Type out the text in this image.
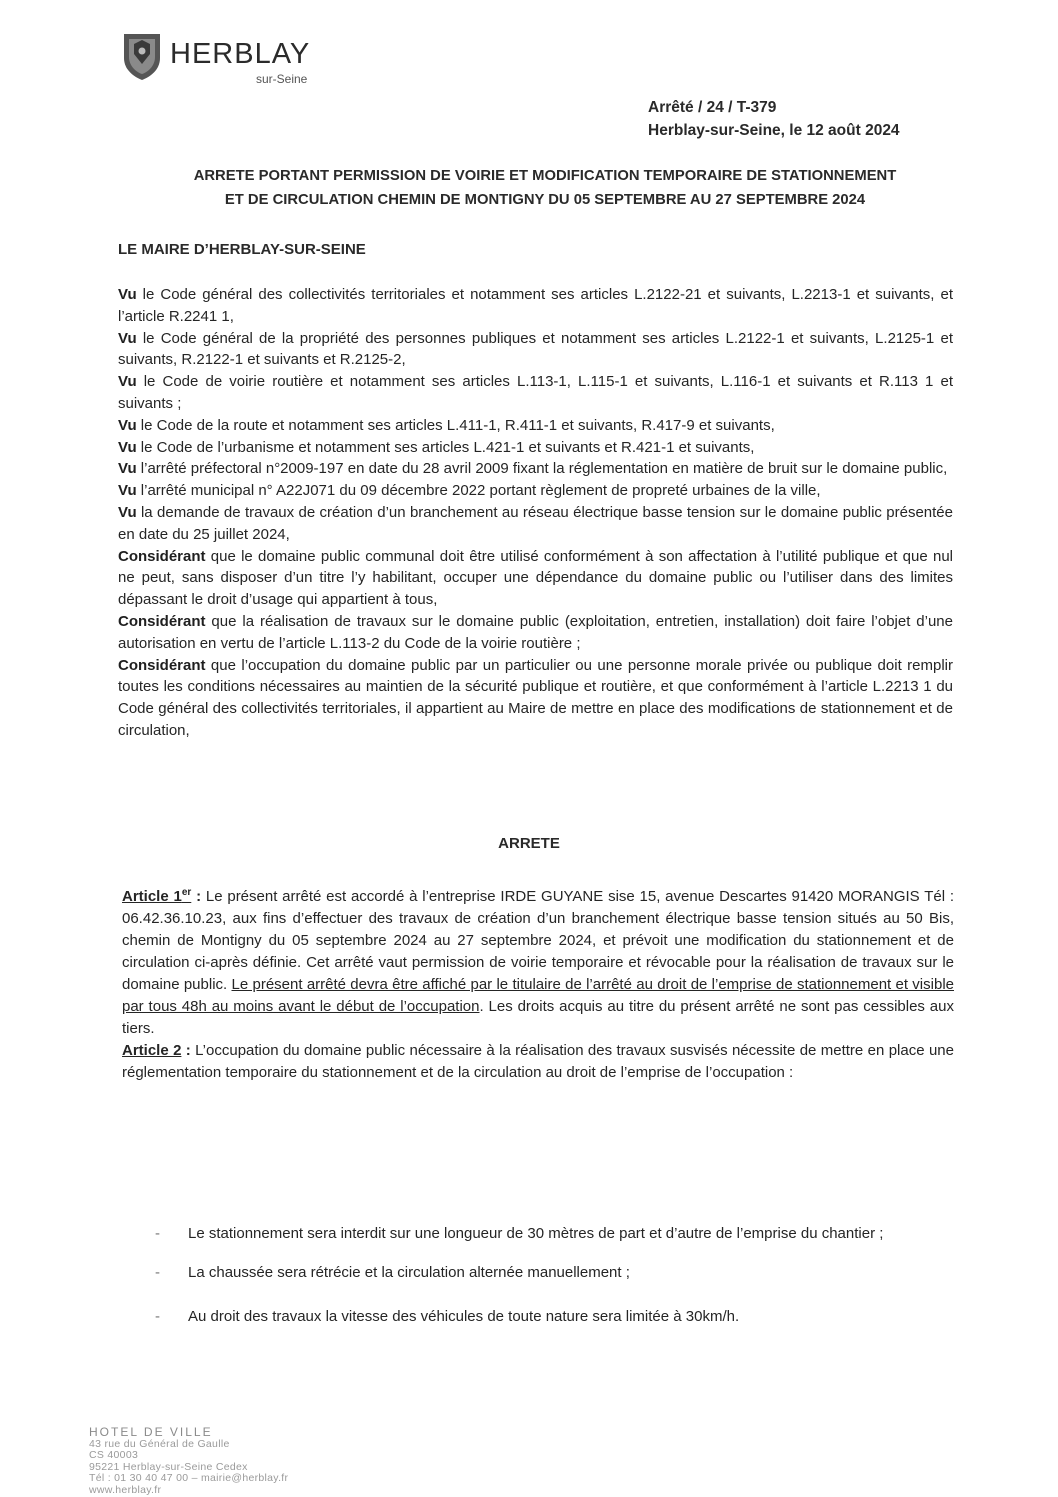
HERBLAY
sur-Seine
Arrêté / 24 / T-379
Herblay-sur-Seine, le 12 août 2024
ARRETE PORTANT PERMISSION DE VOIRIE ET MODIFICATION TEMPORAIRE DE STATIONNEMENT
ET DE CIRCULATION CHEMIN DE MONTIGNY DU 05 SEPTEMBRE AU 27 SEPTEMBRE 2024
LE MAIRE D’HERBLAY-SUR-SEINE

Vu le Code général des collectivités territoriales et notamment ses articles L.2122-21 et suivants, L.2213-1 et suivants, et l’article R.2241 1,

Vu le Code général de la propriété des personnes publiques et notamment ses articles L.2122-1 et suivants, L.2125-1 et suivants, R.2122-1 et suivants et R.2125-2,

Vu le Code de voirie routière et notamment ses articles L.113-1, L.115-1 et suivants, L.116-1 et suivants et R.113 1 et suivants ;

Vu le Code de la route et notamment ses articles L.411-1, R.411-1 et suivants, R.417-9 et suivants,

Vu le Code de l’urbanisme et notamment ses articles L.421-1 et suivants et R.421-1 et suivants,

Vu l’arrêté préfectoral n°2009-197 en date du 28 avril 2009 fixant la réglementation en matière de bruit sur le domaine public,

Vu l’arrêté municipal n° A22J071 du 09 décembre 2022 portant règlement de propreté urbaines de la ville,

Vu la demande de travaux de création d’un branchement au réseau électrique basse tension sur le domaine public présentée en date du 25 juillet 2024,

Considérant que le domaine public communal doit être utilisé conformément à son affectation à l’utilité publique et que nul ne peut, sans disposer d’un titre l’y habilitant, occuper une dépendance du domaine public ou l’utiliser dans des limites dépassant le droit d’usage qui appartient à tous,

Considérant que la réalisation de travaux sur le domaine public (exploitation, entretien, installation) doit faire l’objet d’une autorisation en vertu de l’article L.113-2 du Code de la voirie routière ;

Considérant que l’occupation du domaine public par un particulier ou une personne morale privée ou publique doit remplir toutes les conditions nécessaires au maintien de la sécurité publique et routière, et que conformément à l’article L.2213 1 du Code général des collectivités territoriales, il appartient au Maire de mettre en place des modifications de stationnement et de circulation,

ARRETE

Article 1er : Le présent arrêté est accordé à l’entreprise IRDE GUYANE sise 15, avenue Descartes 91420 MORANGIS Tél : 06.42.36.10.23, aux fins d’effectuer des travaux de création d’un branchement électrique basse tension situés au 50 Bis, chemin de Montigny du 05 septembre 2024 au 27 septembre 2024, et prévoit une modification du stationnement et de circulation ci-après définie. Cet arrêté vaut permission de voirie temporaire et révocable pour la réalisation de travaux sur le domaine public. Le présent arrêté devra être affiché par le titulaire de l’arrêté au droit de l’emprise de stationnement et visible par tous 48h au moins avant le début de l’occupation. Les droits acquis au titre du présent arrêté ne sont pas cessibles aux tiers.

Article 2 : L’occupation du domaine public nécessaire à la réalisation des travaux susvisés nécessite de mettre en place une réglementation temporaire du stationnement et de la circulation au droit de l’emprise de l’occupation :

- Le stationnement sera interdit sur une longueur de 30 mètres de part et d’autre de l’emprise du chantier ;
- La chaussée sera rétrécie et la circulation alternée manuellement ;
- Au droit des travaux la vitesse des véhicules de toute nature sera limitée à 30km/h.
HOTEL DE VILLE
43 rue du Général de Gaulle
CS 40003
95221 Herblay-sur-Seine Cedex
Tél : 01 30 40 47 00 – mairie@herblay.fr
www.herblay.fr
